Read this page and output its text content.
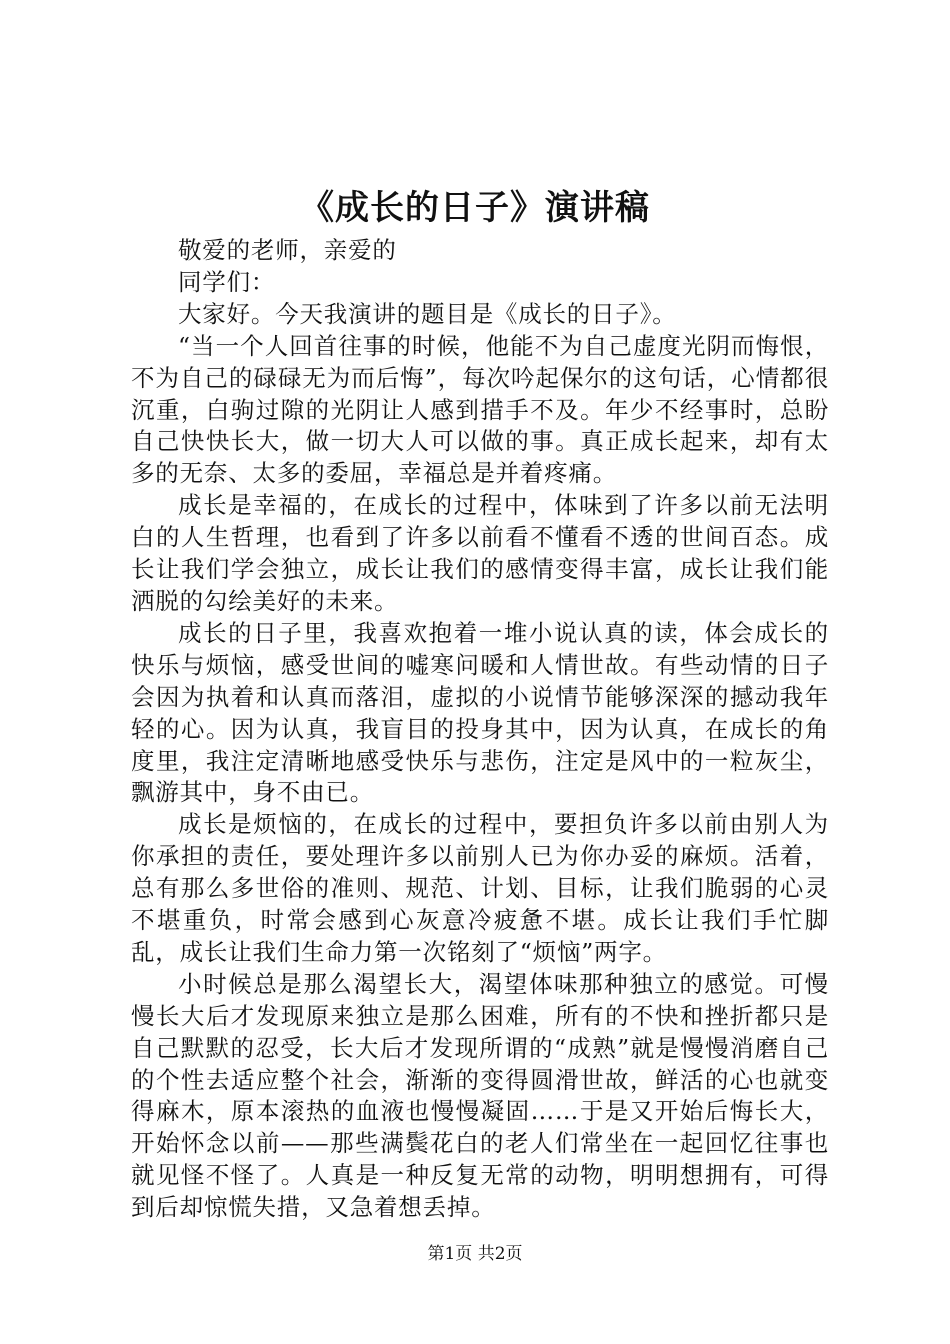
《成长的日子》演讲稿

敬爱的老师，亲爱的

同学们：

大家好。今天我演讲的题目是《成长的日子》。

“当一个人回首往事的时候，他能不为自己虚度光阴而悔恨，不为自己的碌碌无为而后悔”，每次吟起保尔的这句话，心情都很沉重，白驹过隙的光阴让人感到措手不及。年少不经事时，总盼自己快快长大，做一切大人可以做的事。真正成长起来，却有太多的无奈、太多的委屈，幸福总是并着疼痛。

成长是幸福的，在成长的过程中，体味到了许多以前无法明白的人生哲理，也看到了许多以前看不懂看不透的世间百态。成长让我们学会独立，成长让我们的感情变得丰富，成长让我们能洒脱的勾绘美好的未来。

成长的日子里，我喜欢抱着一堆小说认真的读，体会成长的快乐与烦恼，感受世间的嘘寒问暖和人情世故。有些动情的日子会因为执着和认真而落泪，虚拟的小说情节能够深深的撼动我年轻的心。因为认真，我盲目的投身其中，因为认真，在成长的角度里，我注定清晰地感受快乐与悲伤，注定是风中的一粒灰尘，飘游其中，身不由已。

成长是烦恼的，在成长的过程中，要担负许多以前由别人为你承担的责任，要处理许多以前别人已为你办妥的麻烦。活着，总有那么多世俗的准则、规范、计划、目标，让我们脆弱的心灵不堪重负，时常会感到心灰意冷疲惫不堪。成长让我们手忙脚乱，成长让我们生命力第一次铭刻了“烦恼”两字。

小时候总是那么渴望长大，渴望体味那种独立的感觉。可慢慢长大后才发现原来独立是那么困难，所有的不快和挫折都只是自己默默的忍受，长大后才发现所谓的“成熟”就是慢慢消磨自己的个性去适应整个社会，渐渐的变得圆滑世故，鲜活的心也就变得麻木，原本滚热的血液也慢慢凝固……于是又开始后悔长大，开始怀念以前——那些满鬓花白的老人们常坐在一起回忆往事也就见怪不怪了。人真是一种反复无常的动物，明明想拥有，可得到后却惊慌失措，又急着想丢掉。

第1页 共2页
